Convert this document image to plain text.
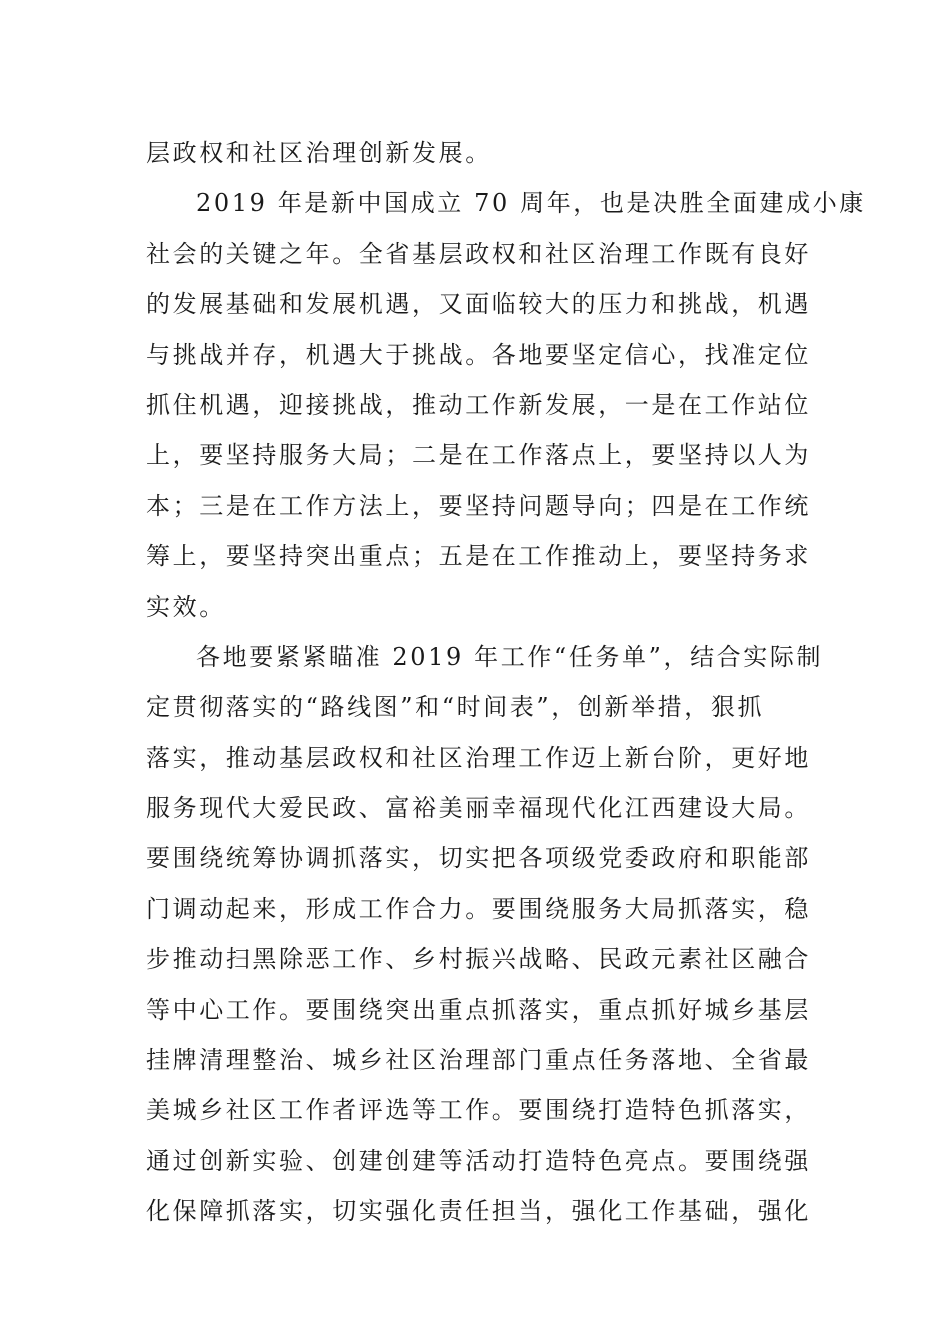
层政权和社区治理创新发展。
2019 年是新中国成立 70 周年，也是决胜全面建成小康
社会的关键之年。全省基层政权和社区治理工作既有良好
的发展基础和发展机遇，又面临较大的压力和挑战，机遇
与挑战并存，机遇大于挑战。各地要坚定信心，找准定位
抓住机遇，迎接挑战，推动工作新发展，一是在工作站位
上，要坚持服务大局；二是在工作落点上，要坚持以人为
本；三是在工作方法上，要坚持问题导向；四是在工作统
筹上，要坚持突出重点；五是在工作推动上，要坚持务求
实效。
各地要紧紧瞄准 2019 年工作“任务单”，结合实际制
定贯彻落实的“路线图”和“时间表”，创新举措，狠抓
落实，推动基层政权和社区治理工作迈上新台阶，更好地
服务现代大爱民政、富裕美丽幸福现代化江西建设大局。
要围绕统筹协调抓落实，切实把各项级党委政府和职能部
门调动起来，形成工作合力。要围绕服务大局抓落实，稳
步推动扫黑除恶工作、乡村振兴战略、民政元素社区融合
等中心工作。要围绕突出重点抓落实，重点抓好城乡基层
挂牌清理整治、城乡社区治理部门重点任务落地、全省最
美城乡社区工作者评选等工作。要围绕打造特色抓落实，
通过创新实验、创建创建等活动打造特色亮点。要围绕强
化保障抓落实，切实强化责任担当，强化工作基础，强化
